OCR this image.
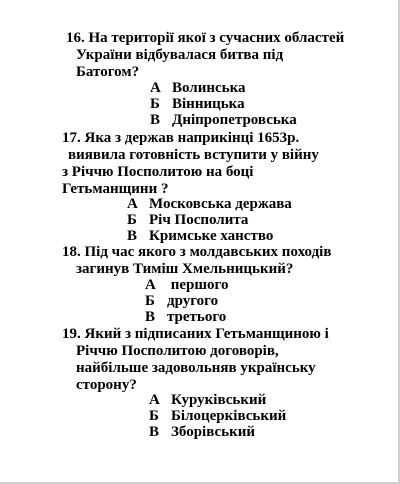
16. На території якої з сучасних областей
України відбувалася битва під
Батогом?
А Волинська
Б Вінницька
В Дніпропетровська
17. Яка з держав наприкінці 1653р.
виявила готовність вступити у війну
з Річчю Посполитою на боці
Гетьманщини ?
А Московська держава
Б Річ Посполита
В Кримське ханство
18. Під час якого з молдавських походів
загинув Тиміш Хмельницький?
А першого
Б другого
В третього
19. Який з підписаних Гетьманщиною і
Річчю Посполитою договорів,
найбільше задовольняв українську
сторону?
А Куруківський
Б Білоцерківський
В Зборівський
